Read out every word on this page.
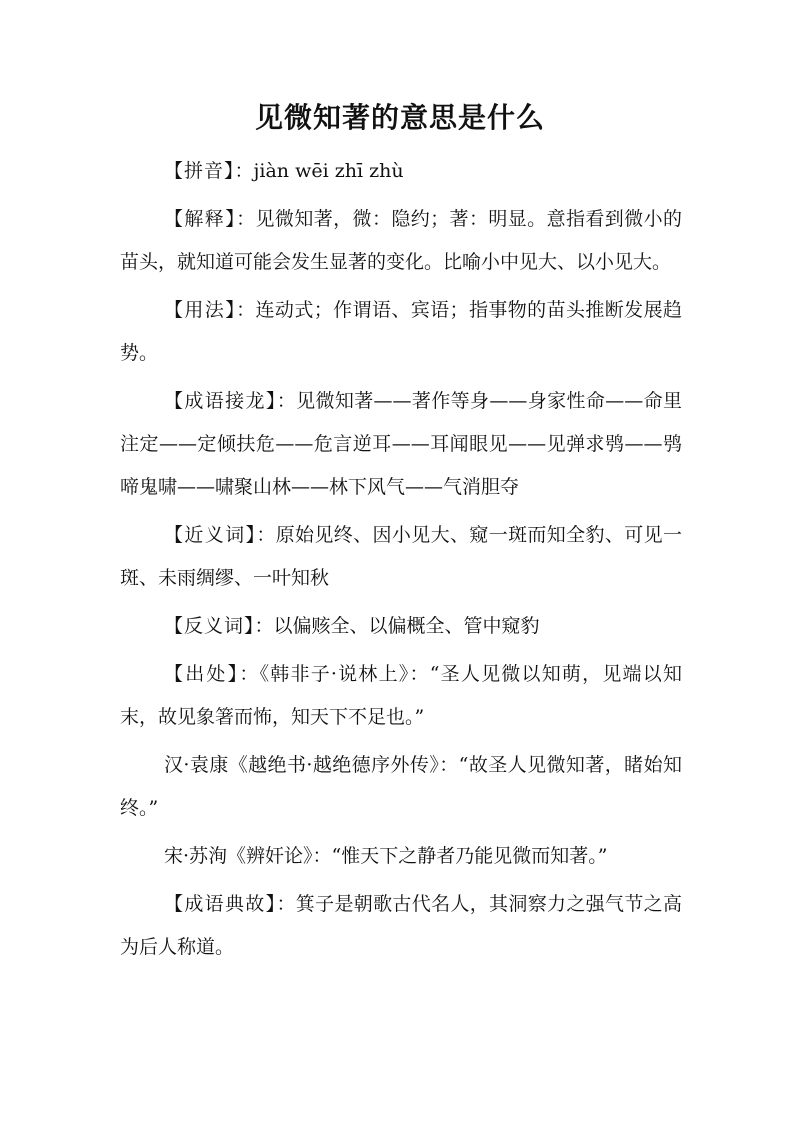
见微知著的意思是什么

【拼音】：jiàn wēi zhī zhù

【解释】：见微知著，微：隐约；著：明显。意指看到微小的苗头，就知道可能会发生显著的变化。比喻小中见大、以小见大。

【用法】：连动式；作谓语、宾语；指事物的苗头推断发展趋势。

【成语接龙】：见微知著——著作等身——身家性命——命里注定——定倾扶危——危言逆耳——耳闻眼见——见弹求鸮——鸮啼鬼啸——啸聚山林——林下风气——气消胆夺

【近义词】：原始见终、因小见大、窥一斑而知全豹、可见一斑、未雨绸缪、一叶知秋

【反义词】：以偏赅全、以偏概全、管中窥豹

【出处】：《韩非子·说林上》：“圣人见微以知萌，见端以知末，故见象箸而怖，知天下不足也。”

汉·袁康《越绝书·越绝德序外传》：“故圣人见微知著，睹始知终。”

宋·苏洵《辨奸论》：“惟天下之静者乃能见微而知著。”

【成语典故】：箕子是朝歌古代名人，其洞察力之强气节之高为后人称道。
